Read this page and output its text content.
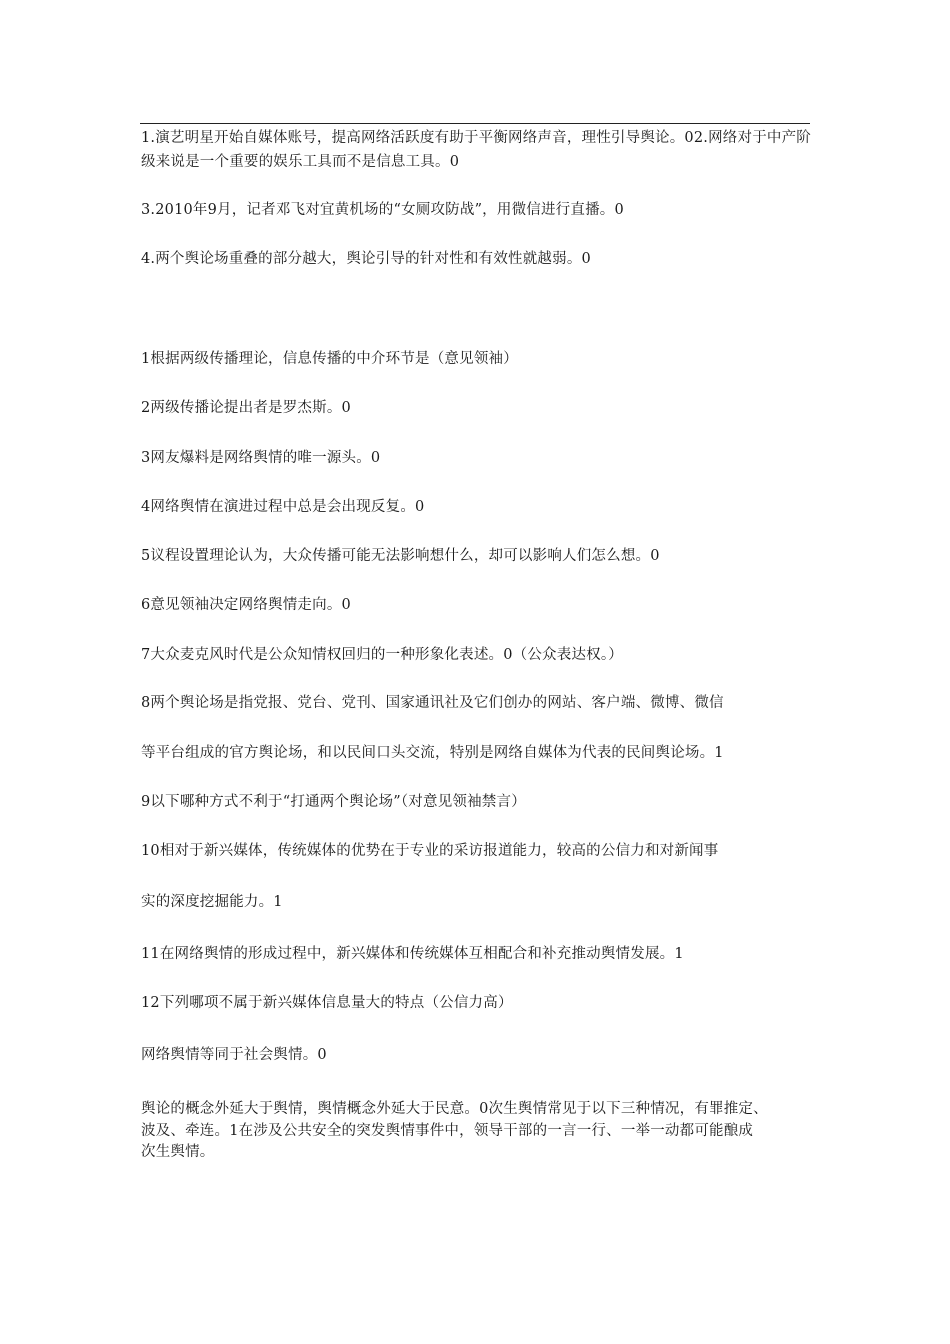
1.演艺明星开始自媒体账号，提高网络活跃度有助于平衡网络声音，理性引导舆论。02.网络对于中产阶级来说是一个重要的娱乐工具而不是信息工具。0
3.2010年9月，记者邓飞对宜黄机场的“女厕攻防战”，用微信进行直播。0
4.两个舆论场重叠的部分越大，舆论引导的针对性和有效性就越弱。0
1根据两级传播理论，信息传播的中介环节是（意见领袖）
2两级传播论提出者是罗杰斯。0
3网友爆料是网络舆情的唯一源头。0
4网络舆情在演进过程中总是会出现反复。0
5议程设置理论认为，大众传播可能无法影响想什么，却可以影响人们怎么想。0
6意见领袖决定网络舆情走向。0
7大众麦克风时代是公众知情权回归的一种形象化表述。0（公众表达权。）
8两个舆论场是指党报、党台、党刊、国家通讯社及它们创办的网站、客户端、微博、微信
等平台组成的官方舆论场，和以民间口头交流，特别是网络自媒体为代表的民间舆论场。1
9以下哪种方式不利于“打通两个舆论场”（对意见领袖禁言）
10相对于新兴媒体，传统媒体的优势在于专业的采访报道能力，较高的公信力和对新闻事
实的深度挖掘能力。1
11在网络舆情的形成过程中，新兴媒体和传统媒体互相配合和补充推动舆情发展。1
12下列哪项不属于新兴媒体信息量大的特点（公信力高）
网络舆情等同于社会舆情。0
舆论的概念外延大于舆情，舆情概念外延大于民意。0次生舆情常见于以下三种情况，有罪推定、
波及、牵连。1在涉及公共安全的突发舆情事件中，领导干部的一言一行、一举一动都可能酿成
次生舆情。
